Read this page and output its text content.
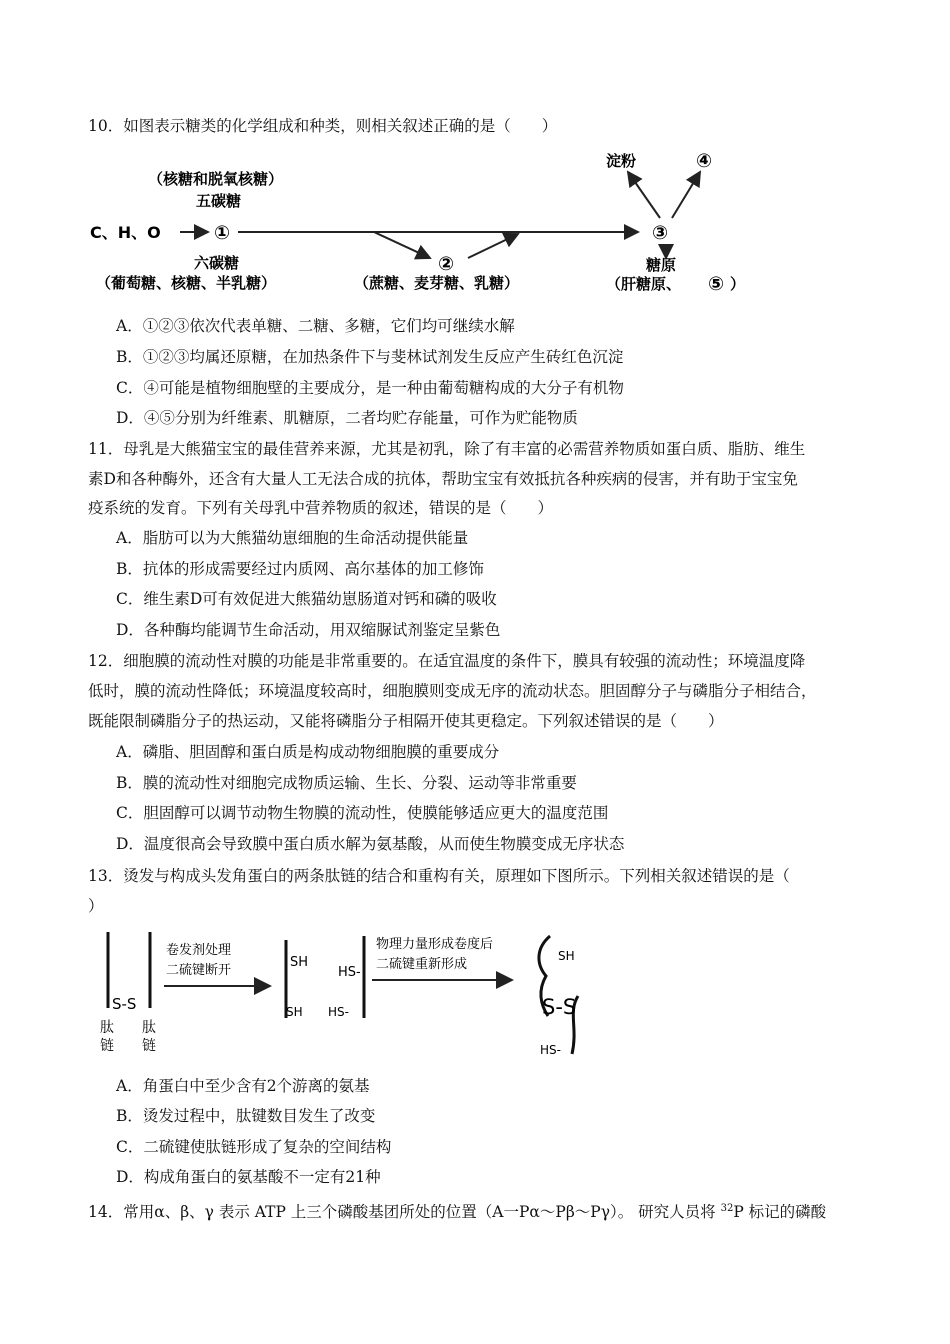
10．如图表示糖类的化学组成和种类，则相关叙述正确的是（　　）
（核糖和脱氧核糖）
五碳糖
C、H、O	①
②
六碳糖
（葡萄糖、核糖、半乳糖）	（蔗糖、麦芽糖、乳糖）
③
淀粉	④
糖原
（肝糖原、 ⑤ ）
A．①②③依次代表单糖、二糖、多糖，它们均可继续水解
B．①②③均属还原糖，在加热条件下与斐林试剂发生反应产生砖红色沉淀
C．④可能是植物细胞壁的主要成分，是一种由葡萄糖构成的大分子有机物
D．④⑤分别为纤维素、肌糖原，二者均贮存能量，可作为贮能物质
11．母乳是大熊猫宝宝的最佳营养来源，尤其是初乳，除了有丰富的必需营养物质如蛋白质、脂肪、维生
素D和各种酶外，还含有大量人工无法合成的抗体，帮助宝宝有效抵抗各种疾病的侵害，并有助于宝宝免
疫系统的发育。下列有关母乳中营养物质的叙述，错误的是（　　）
A．脂肪可以为大熊猫幼崽细胞的生命活动提供能量
B．抗体的形成需要经过内质网、高尔基体的加工修饰
C．维生素D可有效促进大熊猫幼崽肠道对钙和磷的吸收
D．各种酶均能调节生命活动，用双缩脲试剂鉴定呈紫色
12．细胞膜的流动性对膜的功能是非常重要的。在适宜温度的条件下，膜具有较强的流动性；环境温度降
低时，膜的流动性降低；环境温度较高时，细胞膜则变成无序的流动状态。胆固醇分子与磷脂分子相结合，
既能限制磷脂分子的热运动，又能将磷脂分子相隔开使其更稳定。下列叙述错误的是（　　）
A．磷脂、胆固醇和蛋白质是构成动物细胞膜的重要成分
B．膜的流动性对细胞完成物质运输、生长、分裂、运动等非常重要
C．胆固醇可以调节动物生物膜的流动性，使膜能够适应更大的温度范围
D．温度很高会导致膜中蛋白质水解为氨基酸，从而使生物膜变成无序状态
13．烫发与构成头发角蛋白的两条肽链的结合和重构有关，原理如下图所示。下列相关叙述错误的是（
）
S-S
肽
链
肽
链
卷发剂处理
二硫键断开
SH
SH
HS-
HS-
物理力量形成卷度后
二硫键重新形成
SH
S-S
HS-
A．角蛋白中至少含有2个游离的氨基
B．烫发过程中，肽键数目发生了改变
C．二硫键使肽链形成了复杂的空间结构
D．构成角蛋白的氨基酸不一定有21种
14．常用α、β、γ 表示 ATP 上三个磷酸基团所处的位置（A一Pα～Pβ～Pγ）。 研究人员将 $^{32}$P 标记的磷酸
